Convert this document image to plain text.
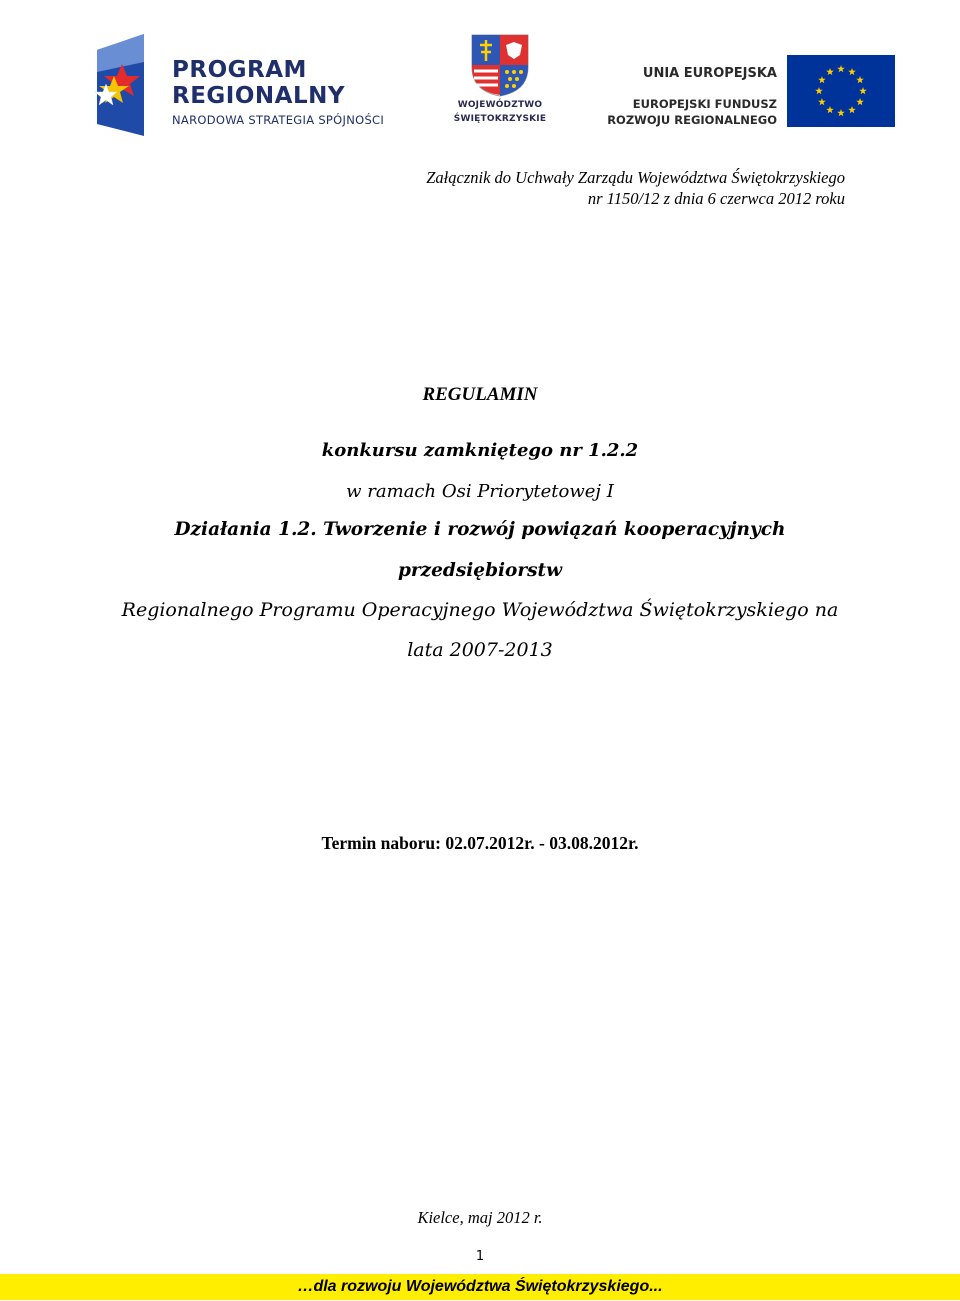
PROGRAM
REGIONALNY
NARODOWA STRATEGIA SPÓJNOŚCI
WOJEWÓDZTWO
ŚWIĘTOKRZYSKIE
UNIA EUROPEJSKA
EUROPEJSKI FUNDUSZ
ROZWOJU REGIONALNEGO
Załącznik do Uchwały Zarządu Województwa Świętokrzyskiego
nr 1150/12 z dnia 6 czerwca 2012 roku
REGULAMIN
konkursu zamkniętego nr 1.2.2
w ramach Osi Priorytetowej I
Działania 1.2. Tworzenie i rozwój powiązań kooperacyjnych
przedsiębiorstw
Regionalnego Programu Operacyjnego Województwa Świętokrzyskiego na
lata 2007-2013
Termin naboru: 02.07.2012r. - 03.08.2012r.
Kielce, maj 2012 r.
1
…dla rozwoju Województwa Świętokrzyskiego...
